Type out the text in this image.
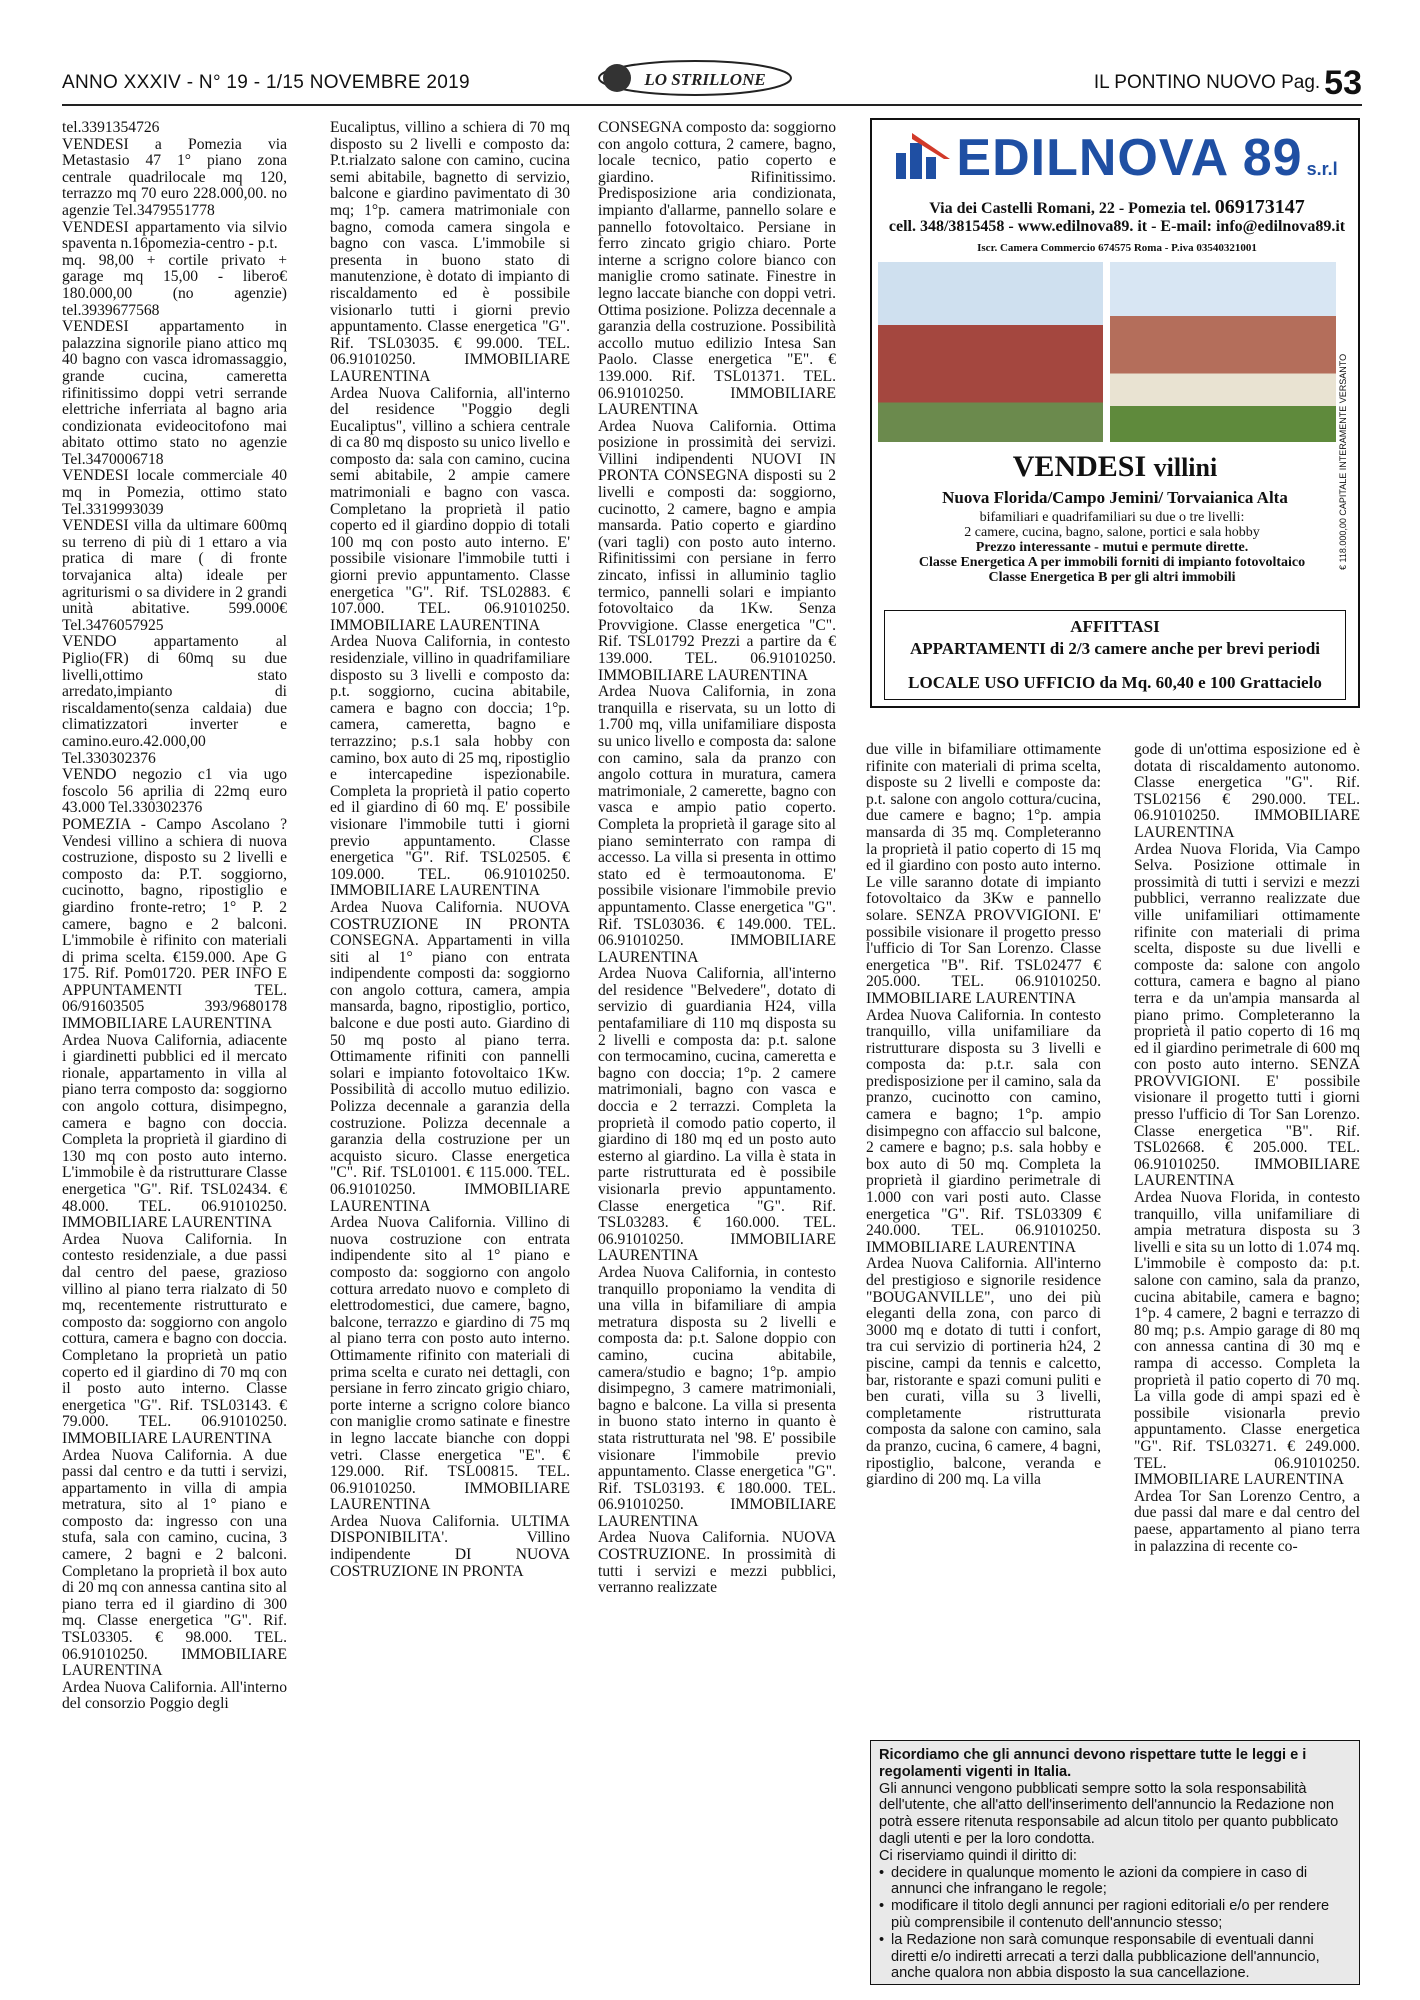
ANNO XXXIV - N° 19 - 1/15 NOVEMBRE 2019	IL PONTINO NUOVO Pag. 53
LO STRILLONE

tel.3391354726

VENDESI a Pomezia via Metastasio 47 1° piano zona centrale quadrilocale mq 120, terrazzo mq 70 euro 228.000,00. no agenzie Tel.3479551778

VENDESI appartamento via silvio spaventa n.16pomezia-centro - p.t.

mq. 98,00 + cortile privato + garage mq 15,00 - libero€ 180.000,00 (no agenzie) tel.3939677568

VENDESI appartamento in palazzina signorile piano attico mq 40 bagno con vasca idromassaggio, grande cucina, cameretta rifinitissimo doppi vetri serrande elettriche inferriata al bagno aria condizionata evideocitofono mai abitato ottimo stato no agenzie Tel.3470006718

VENDESI locale commerciale 40 mq in Pomezia, ottimo stato Tel.3319993039

VENDESI villa da ultimare 600mq su terreno di più di 1 ettaro a via pratica di mare ( di fronte torvajanica alta) ideale per agriturismi o sa dividere in 2 grandi unità abitative. 599.000€ Tel.3476057925

VENDO appartamento al Piglio(FR) di 60mq su due livelli,ottimo stato arredato,impianto di riscaldamento(senza caldaia) due climatizzatori inverter e camino.euro.42.000,00 Tel.330302376

VENDO negozio c1 via ugo foscolo 56 aprilia di 22mq euro 43.000 Tel.330302376

POMEZIA - Campo Ascolano ?Vendesi villino a schiera di nuova costruzione, disposto su 2 livelli e composto da: P.T. soggiorno, cucinotto, bagno, ripostiglio e giardino fronte-retro; 1° P. 2 camere, bagno e 2 balconi. L'immobile è rifinito con materiali di prima scelta. €159.000. Ape G 175. Rif. Pom01720. PER INFO E APPUNTAMENTI TEL. 06/91603505 393/9680178 IMMOBILIARE LAURENTINA

Ardea Nuova California, adiacente i giardinetti pubblici ed il mercato rionale, appartamento in villa al piano terra composto da: soggiorno con angolo cottura, disimpegno, camera e bagno con doccia. Completa la proprietà il giardino di 130 mq con posto auto interno. L'immobile è da ristrutturare Classe energetica "G". Rif. TSL02434. € 48.000. TEL. 06.91010250. IMMOBILIARE LAURENTINA

Ardea Nuova California. In contesto residenziale, a due passi dal centro del paese, grazioso villino al piano terra rialzato di 50 mq, recentemente ristrutturato e composto da: soggiorno con angolo cottura, camera e bagno con doccia. Completano la proprietà un patio coperto ed il giardino di 70 mq con il posto auto interno. Classe energetica "G". Rif. TSL03143. € 79.000. TEL. 06.91010250. IMMOBILIARE LAURENTINA

Ardea Nuova California. A due passi dal centro e da tutti i servizi, appartamento in villa di ampia metratura, sito al 1° piano e composto da: ingresso con una stufa, sala con camino, cucina, 3 camere, 2 bagni e 2 balconi. Completano la proprietà il box auto di 20 mq con annessa cantina sito al piano terra ed il giardino di 300 mq. Classe energetica "G". Rif. TSL03305. € 98.000. TEL. 06.91010250. IMMOBILIARE LAURENTINA

Ardea Nuova California. All'interno del consorzio Poggio degli

Eucaliptus, villino a schiera di 70 mq disposto su 2 livelli e composto da: P.t.rialzato salone con camino, cucina semi abitabile, bagnetto di servizio, balcone e giardino pavimentato di 30 mq; 1°p. camera matrimoniale con bagno, comoda camera singola e bagno con vasca. L'immobile si presenta in buono stato di manutenzione, è dotato di impianto di riscaldamento ed è possibile visionarlo tutti i giorni previo appuntamento. Classe energetica "G". Rif. TSL03035. € 99.000. TEL. 06.91010250. IMMOBILIARE LAURENTINA

Ardea Nuova California, all'interno del residence "Poggio degli Eucaliptus", villino a schiera centrale di ca 80 mq disposto su unico livello e composto da: sala con camino, cucina semi abitabile, 2 ampie camere matrimoniali e bagno con vasca. Completano la proprietà il patio coperto ed il giardino doppio di totali 100 mq con posto auto interno. E' possibile visionare l'immobile tutti i giorni previo appuntamento. Classe energetica "G". Rif. TSL02883. € 107.000. TEL. 06.91010250. IMMOBILIARE LAURENTINA

Ardea Nuova California, in contesto residenziale, villino in quadrifamiliare disposto su 3 livelli e composto da: p.t. soggiorno, cucina abitabile, camera e bagno con doccia; 1°p. camera, cameretta, bagno e terrazzino; p.s.1 sala hobby con camino, box auto di 25 mq, ripostiglio e intercapedine ispezionabile. Completa la proprietà il patio coperto ed il giardino di 60 mq. E' possibile visionare l'immobile tutti i giorni previo appuntamento. Classe energetica "G". Rif. TSL02505. € 109.000. TEL. 06.91010250. IMMOBILIARE LAURENTINA

Ardea Nuova California. NUOVA COSTRUZIONE IN PRONTA CONSEGNA. Appartamenti in villa siti al 1° piano con entrata indipendente composti da: soggiorno con angolo cottura, camera, ampia mansarda, bagno, ripostiglio, portico, balcone e due posti auto. Giardino di 50 mq posto al piano terra. Ottimamente rifiniti con pannelli solari e impianto fotovoltaico 1Kw. Possibilità di accollo mutuo edilizio. Polizza decennale a garanzia della costruzione. Polizza decennale a garanzia della costruzione per un acquisto sicuro. Classe energetica "C". Rif. TSL01001. € 115.000. TEL. 06.91010250. IMMOBILIARE LAURENTINA

Ardea Nuova California. Villino di nuova costruzione con entrata indipendente sito al 1° piano e composto da: soggiorno con angolo cottura arredato nuovo e completo di elettrodomestici, due camere, bagno, balcone, terrazzo e giardino di 75 mq al piano terra con posto auto interno. Ottimamente rifinito con materiali di prima scelta e curato nei dettagli, con persiane in ferro zincato grigio chiaro, porte interne a scrigno colore bianco con maniglie cromo satinate e finestre in legno laccate bianche con doppi vetri. Classe energetica "E". € 129.000. Rif. TSL00815. TEL. 06.91010250. IMMOBILIARE LAURENTINA

Ardea Nuova California. ULTIMA DISPONIBILITA'. Villino indipendente DI NUOVA COSTRUZIONE IN PRONTA

CONSEGNA composto da: soggiorno con angolo cottura, 2 camere, bagno, locale tecnico, patio coperto e giardino. Rifinitissimo. Predisposizione aria condizionata, impianto d'allarme, pannello solare e pannello fotovoltaico. Persiane in ferro zincato grigio chiaro. Porte interne a scrigno colore bianco con maniglie cromo satinate. Finestre in legno laccate bianche con doppi vetri. Ottima posizione. Polizza decennale a garanzia della costruzione. Possibilità accollo mutuo edilizio Intesa San Paolo. Classe energetica "E". € 139.000. Rif. TSL01371. TEL. 06.91010250. IMMOBILIARE LAURENTINA

Ardea Nuova California. Ottima posizione in prossimità dei servizi. Villini indipendenti NUOVI IN PRONTA CONSEGNA disposti su 2 livelli e composti da: soggiorno, cucinotto, 2 camere, bagno e ampia mansarda. Patio coperto e giardino (vari tagli) con posto auto interno. Rifinitissimi con persiane in ferro zincato, infissi in alluminio taglio termico, pannelli solari e impianto fotovoltaico da 1Kw. Senza Provvigione. Classe energetica "C". Rif. TSL01792 Prezzi a partire da € 139.000. TEL. 06.91010250. IMMOBILIARE LAURENTINA

Ardea Nuova California, in zona tranquilla e riservata, su un lotto di 1.700 mq, villa unifamiliare disposta su unico livello e composta da: salone con camino, sala da pranzo con angolo cottura in muratura, camera matrimoniale, 2 camerette, bagno con vasca e ampio patio coperto. Completa la proprietà il garage sito al piano seminterrato con rampa di accesso. La villa si presenta in ottimo stato ed è termoautonoma. E' possibile visionare l'immobile previo appuntamento. Classe energetica "G". Rif. TSL03036. € 149.000. TEL. 06.91010250. IMMOBILIARE LAURENTINA

Ardea Nuova California, all'interno del residence "Belvedere", dotato di servizio di guardiania H24, villa pentafamiliare di 110 mq disposta su 2 livelli e composta da: p.t. salone con termocamino, cucina, cameretta e bagno con doccia; 1°p. 2 camere matrimoniali, bagno con vasca e doccia e 2 terrazzi. Completa la proprietà il comodo patio coperto, il giardino di 180 mq ed un posto auto esterno al giardino. La villa è stata in parte ristrutturata ed è possibile visionarla previo appuntamento. Classe energetica "G". Rif. TSL03283. € 160.000. TEL. 06.91010250. IMMOBILIARE LAURENTINA

Ardea Nuova California, in contesto tranquillo proponiamo la vendita di una villa in bifamiliare di ampia metratura disposta su 2 livelli e composta da: p.t. Salone doppio con camino, cucina abitabile, camera/studio e bagno; 1°p. ampio disimpegno, 3 camere matrimoniali, bagno e balcone. La villa si presenta in buono stato interno in quanto è stata ristrutturata nel '98. E' possibile visionare l'immobile previo appuntamento. Classe energetica "G". Rif. TSL03193. € 180.000. TEL. 06.91010250. IMMOBILIARE LAURENTINA

Ardea Nuova California. NUOVA COSTRUZIONE. In prossimità di tutti i servizi e mezzi pubblici, verranno realizzate

EDILNOVA 89 s.r.l
Via dei Castelli Romani, 22 - Pomezia tel. 069173147
cell. 348/3815458 - www.edilnova89. it - E-mail: info@edilnova89.it
Iscr. Camera Commercio 674575 Roma - P.iva 03540321001
€ 118.000,00 CAPITALE INTERAMENTE VERSANTO
VENDESI villini
Nuova Florida/Campo Jemini/ Torvaianica Alta
bifamiliari e quadrifamiliari su due o tre livelli:
2 camere, cucina, bagno, salone, portici e sala hobby
Prezzo interessante - mutui e permute dirette.
Classe Energetica A per immobili forniti di impianto fotovoltaico
Classe Energetica B per gli altri immobili
AFFITTASI
APPARTAMENTI di 2/3 camere anche per brevi periodi
LOCALE USO UFFICIO da Mq. 60,40 e 100 Grattacielo

due ville in bifamiliare ottimamente rifinite con materiali di prima scelta, disposte su 2 livelli e composte da: p.t. salone con angolo cottura/cucina, due camere e bagno; 1°p. ampia mansarda di 35 mq. Completeranno la proprietà il patio coperto di 15 mq ed il giardino con posto auto interno. Le ville saranno dotate di impianto fotovoltaico da 3Kw e pannello solare. SENZA PROVVIGIONI. E' possibile visionare il progetto presso l'ufficio di Tor San Lorenzo. Classe energetica "B". Rif. TSL02477 € 205.000. TEL. 06.91010250. IMMOBILIARE LAURENTINA

Ardea Nuova California. In contesto tranquillo, villa unifamiliare da ristrutturare disposta su 3 livelli e composta da: p.t.r. sala con predisposizione per il camino, sala da pranzo, cucinotto con camino, camera e bagno; 1°p. ampio disimpegno con affaccio sul balcone, 2 camere e bagno; p.s. sala hobby e box auto di 50 mq. Completa la proprietà il giardino perimetrale di 1.000 con vari posti auto. Classe energetica "G". Rif. TSL03309 € 240.000. TEL. 06.91010250. IMMOBILIARE LAURENTINA

Ardea Nuova California. All'interno del prestigioso e signorile residence "BOUGANVILLE", uno dei più eleganti della zona, con parco di 3000 mq e dotato di tutti i confort, tra cui servizio di portineria h24, 2 piscine, campi da tennis e calcetto, bar, ristorante e spazi comuni puliti e ben curati, villa su 3 livelli, completamente ristrutturata composta da salone con camino, sala da pranzo, cucina, 6 camere, 4 bagni, ripostiglio, balcone, veranda e giardino di 200 mq. La villa

gode di un'ottima esposizione ed è dotata di riscaldamento autonomo. Classe energetica "G". Rif. TSL02156 € 290.000. TEL. 06.91010250. IMMOBILIARE LAURENTINA

Ardea Nuova Florida, Via Campo Selva. Posizione ottimale in prossimità di tutti i servizi e mezzi pubblici, verranno realizzate due ville unifamiliari ottimamente rifinite con materiali di prima scelta, disposte su due livelli e composte da: salone con angolo cottura, camera e bagno al piano terra e da un'ampia mansarda al piano primo. Completeranno la proprietà il patio coperto di 16 mq ed il giardino perimetrale di 600 mq con posto auto interno. SENZA PROVVIGIONI. E' possibile visionare il progetto tutti i giorni presso l'ufficio di Tor San Lorenzo. Classe energetica "B". Rif. TSL02668. € 205.000. TEL. 06.91010250. IMMOBILIARE LAURENTINA

Ardea Nuova Florida, in contesto tranquillo, villa unifamiliare di ampia metratura disposta su 3 livelli e sita su un lotto di 1.074 mq. L'immobile è composto da: p.t. salone con camino, sala da pranzo, cucina abitabile, camera e bagno; 1°p. 4 camere, 2 bagni e terrazzo di 80 mq; p.s. Ampio garage di 80 mq con annessa cantina di 30 mq e rampa di accesso. Completa la proprietà il patio coperto di 70 mq. La villa gode di ampi spazi ed è possibile visionarla previo appuntamento. Classe energetica "G". Rif. TSL03271. € 249.000. TEL. 06.91010250. IMMOBILIARE LAURENTINA

Ardea Tor San Lorenzo Centro, a due passi dal mare e dal centro del paese, appartamento al piano terra in palazzina di recente co-

Ricordiamo che gli annunci devono rispettare tutte le leggi e i regolamenti vigenti in Italia.
Gli annunci vengono pubblicati sempre sotto la sola responsabilità dell'utente, che all'atto dell'inserimento dell'annuncio la Redazione non potrà essere ritenuta responsabile ad alcun titolo per quanto pubblicato dagli utenti e per la loro condotta.
Ci riserviamo quindi il diritto di:
• decidere in qualunque momento le azioni da compiere in caso di annunci che infrangano le regole;
• modificare il titolo degli annunci per ragioni editoriali e/o per rendere più comprensibile il contenuto dell'annuncio stesso;
• la Redazione non sarà comunque responsabile di eventuali danni diretti e/o indiretti arrecati a terzi dalla pubblicazione dell'annuncio, anche qualora non abbia disposto la sua cancellazione.
